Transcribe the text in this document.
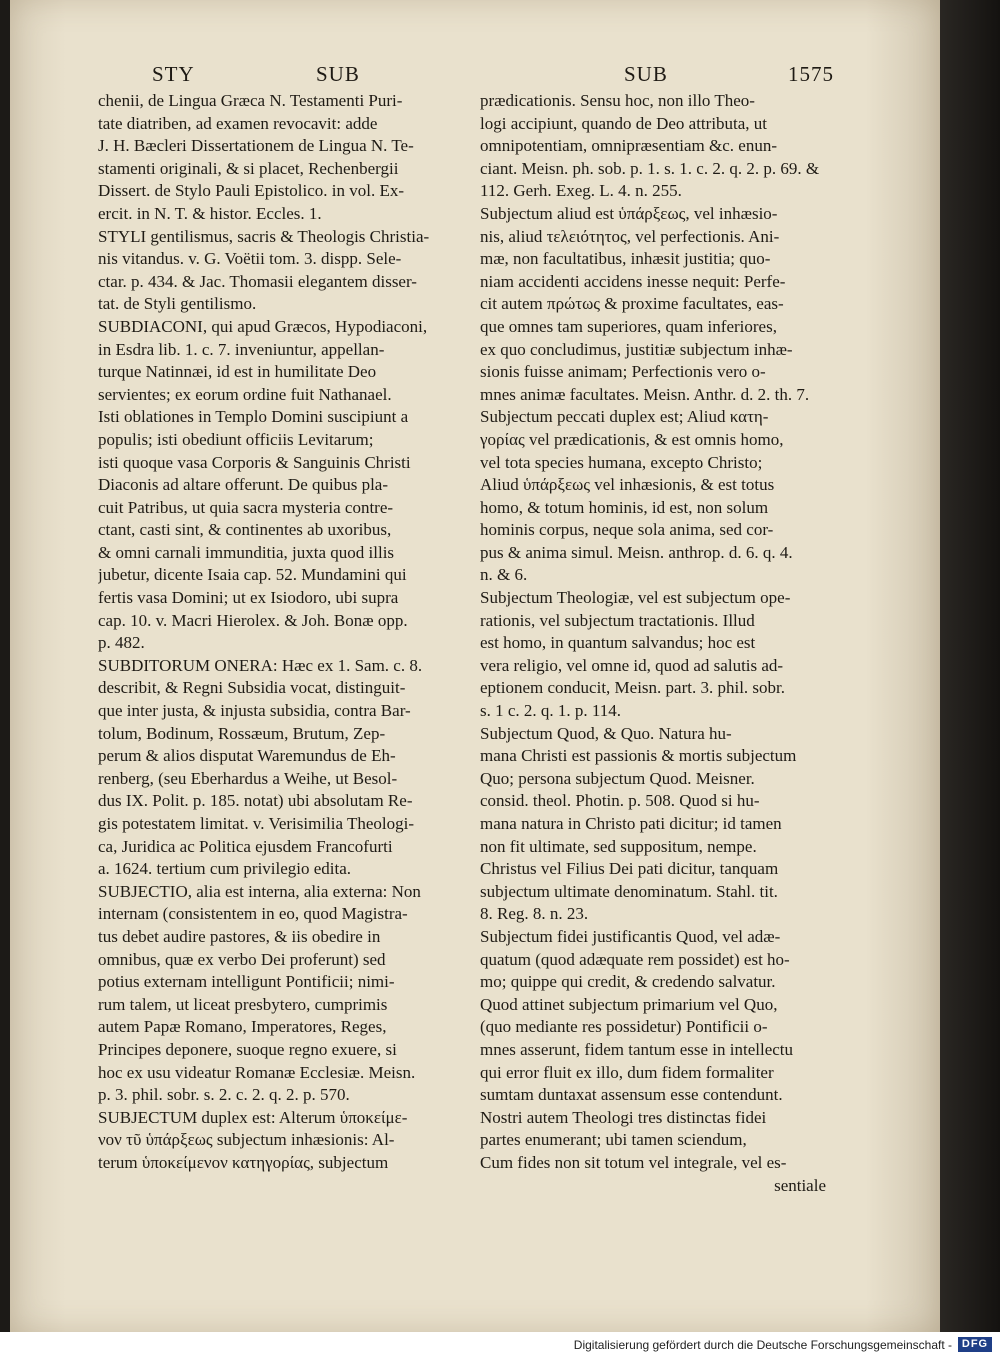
STY	SUB	SUB	1575
chenii, de Lingua Græca N. Testamenti Puri-
tate diatriben, ad examen revocavit: adde
J. H. Bæcleri Dissertationem de Lingua N. Te-
stamenti originali, & si placet, Rechenbergii
Dissert. de Stylo Pauli Epistolico. in vol. Ex-
ercit. in N. T. & histor. Eccles. 1.
STYLI gentilismus, sacris & Theologis Christia-
nis vitandus. v. G. Voëtii tom. 3. dispp. Sele-
ctar. p. 434. & Jac. Thomasii elegantem disser-
tat. de Styli gentilismo.
SUBDIACONI, qui apud Græcos, Hypodiaconi,
in Esdra lib. 1. c. 7. inveniuntur, appellan-
turque Natinnæi, id est in humilitate Deo
servientes; ex eorum ordine fuit Nathanael.
Isti oblationes in Templo Domini suscipiunt a
populis; isti obediunt officiis Levitarum;
isti quoque vasa Corporis & Sanguinis Christi
Diaconis ad altare offerunt. De quibus pla-
cuit Patribus, ut quia sacra mysteria contre-
ctant, casti sint, & continentes ab uxoribus,
& omni carnali immunditia, juxta quod illis
jubetur, dicente Isaia cap. 52. Mundamini qui
fertis vasa Domini; ut ex Isiodoro, ubi supra
cap. 10. v. Macri Hierolex. & Joh. Bonæ opp.
p. 482.
SUBDITORUM ONERA: Hæc ex 1. Sam. c. 8.
describit, & Regni Subsidia vocat, distinguit-
que inter justa, & injusta subsidia, contra Bar-
tolum, Bodinum, Rossæum, Brutum, Zep-
perum & alios disputat Waremundus de Eh-
renberg, (seu Eberhardus a Weihe, ut Besol-
dus IX. Polit. p. 185. notat) ubi absolutam Re-
gis potestatem limitat. v. Verisimilia Theologi-
ca, Juridica ac Politica ejusdem Francofurti
a. 1624. tertium cum privilegio edita.
SUBJECTIO, alia est interna, alia externa: Non
internam (consistentem in eo, quod Magistra-
tus debet audire pastores, & iis obedire in
omnibus, quæ ex verbo Dei proferunt) sed
potius externam intelligunt Pontificii; nimi-
rum talem, ut liceat presbytero, cumprimis
autem Papæ Romano, Imperatores, Reges,
Principes deponere, suoque regno exuere, si
hoc ex usu videatur Romanæ Ecclesiæ. Meisn.
p. 3. phil. sobr. s. 2. c. 2. q. 2. p. 570.
SUBJECTUM duplex est: Alterum ὑποκείμε-
νον τῦ ὑπάρξεως subjectum inhæsionis: Al-
terum ὑποκείμενον κατηγορίας, subjectum
prædicationis. Sensu hoc, non illo Theo-
logi accipiunt, quando de Deo attributa, ut
omnipotentiam, omnipræsentiam &c. enun-
ciant. Meisn. ph. sob. p. 1. s. 1. c. 2. q. 2. p. 69. &
112. Gerh. Exeg. L. 4. n. 255.
Subjectum aliud est ὑπάρξεως, vel inhæsio-
nis, aliud τελειότητος, vel perfectionis. Ani-
mæ, non facultatibus, inhæsit justitia; quo-
niam accidenti accidens inesse nequit: Perfe-
cit autem πρώτως & proxime facultates, eas-
que omnes tam superiores, quam inferiores,
ex quo concludimus, justitiæ subjectum inhæ-
sionis fuisse animam; Perfectionis vero o-
mnes animæ facultates. Meisn. Anthr. d. 2. th. 7.
Subjectum peccati duplex est; Aliud κατη-
γορίας vel prædicationis, & est omnis homo,
vel tota species humana, excepto Christo;
Aliud ὑπάρξεως vel inhæsionis, & est totus
homo, & totum hominis, id est, non solum
hominis corpus, neque sola anima, sed cor-
pus & anima simul. Meisn. anthrop. d. 6. q. 4.
n. & 6.
Subjectum Theologiæ, vel est subjectum ope-
rationis, vel subjectum tractationis. Illud
est homo, in quantum salvandus; hoc est
vera religio, vel omne id, quod ad salutis ad-
eptionem conducit, Meisn. part. 3. phil. sobr.
s. 1 c. 2. q. 1. p. 114.
Subjectum Quod, & Quo. Natura hu-
mana Christi est passionis & mortis subjectum
Quo; persona subjectum Quod. Meisner.
consid. theol. Photin. p. 508. Quod si hu-
mana natura in Christo pati dicitur; id tamen
non fit ultimate, sed suppositum, nempe.
Christus vel Filius Dei pati dicitur, tanquam
subjectum ultimate denominatum. Stahl. tit.
8. Reg. 8. n. 23.
Subjectum fidei justificantis Quod, vel adæ-
quatum (quod adæquate rem possidet) est ho-
mo; quippe qui credit, & credendo salvatur.
Quod attinet subjectum primarium vel Quo,
(quo mediante res possidetur) Pontificii o-
mnes asserunt, fidem tantum esse in intellectu
qui error fluit ex illo, dum fidem formaliter
sumtam duntaxat assensum esse contendunt.
Nostri autem Theologi tres distinctas fidei
partes enumerant; ubi tamen sciendum,
Cum fides non sit totum vel integrale, vel es-
sentiale
Digitalisierung gefördert durch die Deutsche Forschungsgemeinschaft - DFG
